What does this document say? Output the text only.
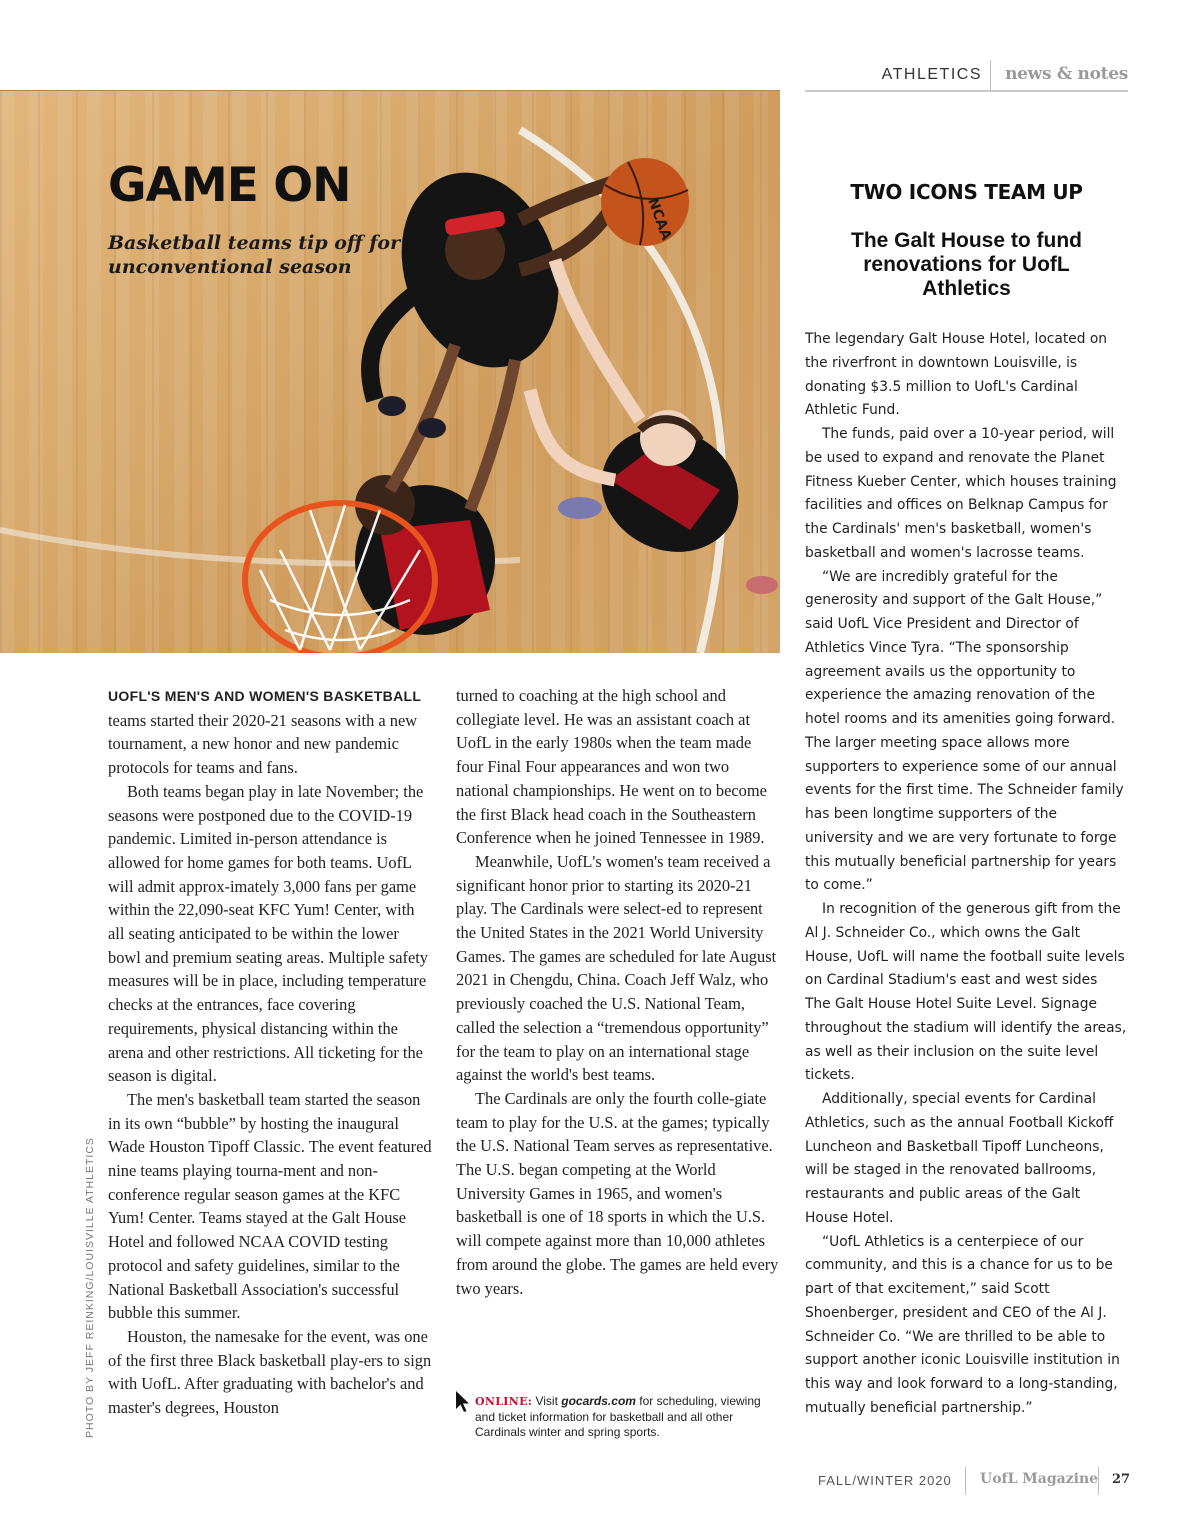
ATHLETICS news & notes
NCAA
GAME ON
Basketball teams tip off for unconventional season

UOFL'S MEN'S AND WOMEN'S BASKETBALL
teams started their 2020-21 seasons with a new tournament, a new honor and new pandemic protocols for teams and fans.

Both teams began play in late November; the seasons were postponed due to the COVID-19 pandemic. Limited in-person attendance is allowed for home games for both teams. UofL will admit approx-imately 3,000 fans per game within the 22,090-seat KFC Yum! Center, with all seating anticipated to be within the lower bowl and premium seating areas. Multiple safety measures will be in place, including temperature checks at the entrances, face covering requirements, physical distancing within the arena and other restrictions. All ticketing for the season is digital.

The men's basketball team started the season in its own “bubble” by hosting the inaugural Wade Houston Tipoff Classic. The event featured nine teams playing tourna-ment and non-conference regular season games at the KFC Yum! Center. Teams stayed at the Galt House Hotel and followed NCAA COVID testing protocol and safety guidelines, similar to the National Basketball Association's successful bubble this summer.

Houston, the namesake for the event, was one of the first three Black basketball play-ers to sign with UofL. After graduating with bachelor's and master's degrees, Houston

turned to coaching at the high school and collegiate level. He was an assistant coach at UofL in the early 1980s when the team made four Final Four appearances and won two national championships. He went on to become the first Black head coach in the Southeastern Conference when he joined Tennessee in 1989.

Meanwhile, UofL's women's team received a significant honor prior to starting its 2020-21 play. The Cardinals were select-ed to represent the United States in the 2021 World University Games. The games are scheduled for late August 2021 in Chengdu, China. Coach Jeff Walz, who previously coached the U.S. National Team, called the selection a “tremendous opportunity” for the team to play on an international stage against the world's best teams.

The Cardinals are only the fourth colle-giate team to play for the U.S. at the games; typically the U.S. National Team serves as representative. The U.S. began competing at the World University Games in 1965, and women's basketball is one of 18 sports in which the U.S. will compete against more than 10,000 athletes from around the globe. The games are held every two years.

PHOTO BY JEFF REINKING/LOUISVILLE ATHLETICS	ONLINE: Visit gocards.com for scheduling, viewing and ticket information for basketball and all other Cardinals winter and spring sports.
TWO ICONS TEAM UP
The Galt House to fund renovations for UofL Athletics

The legendary Galt House Hotel, located on the riverfront in downtown Louisville, is donating $3.5 million to UofL's Cardinal Athletic Fund.

The funds, paid over a 10-year period, will be used to expand and renovate the Planet Fitness Kueber Center, which houses training facilities and offices on Belknap Campus for the Cardinals' men's basketball, women's basketball and women's lacrosse teams.

“We are incredibly grateful for the generosity and support of the Galt House,” said UofL Vice President and Director of Athletics Vince Tyra. “The sponsorship agreement avails us the opportunity to experience the amazing renovation of the hotel rooms and its amenities going forward. The larger meeting space allows more supporters to experience some of our annual events for the first time. The Schneider family has been longtime supporters of the university and we are very fortunate to forge this mutually beneficial partnership for years to come.”

In recognition of the generous gift from the Al J. Schneider Co., which owns the Galt House, UofL will name the football suite levels on Cardinal Stadium's east and west sides The Galt House Hotel Suite Level. Signage throughout the stadium will identify the areas, as well as their inclusion on the suite level tickets.

Additionally, special events for Cardinal Athletics, such as the annual Football Kickoff Luncheon and Basketball Tipoff Luncheons, will be staged in the renovated ballrooms, restaurants and public areas of the Galt House Hotel.

“UofL Athletics is a centerpiece of our community, and this is a chance for us to be part of that excitement,” said Scott Shoenberger, president and CEO of the Al J. Schneider Co. “We are thrilled to be able to support another iconic Louisville institution in this way and look forward to a long-standing, mutually beneficial partnership.”

FALL/WINTER 2020 UofL Magazine 27
